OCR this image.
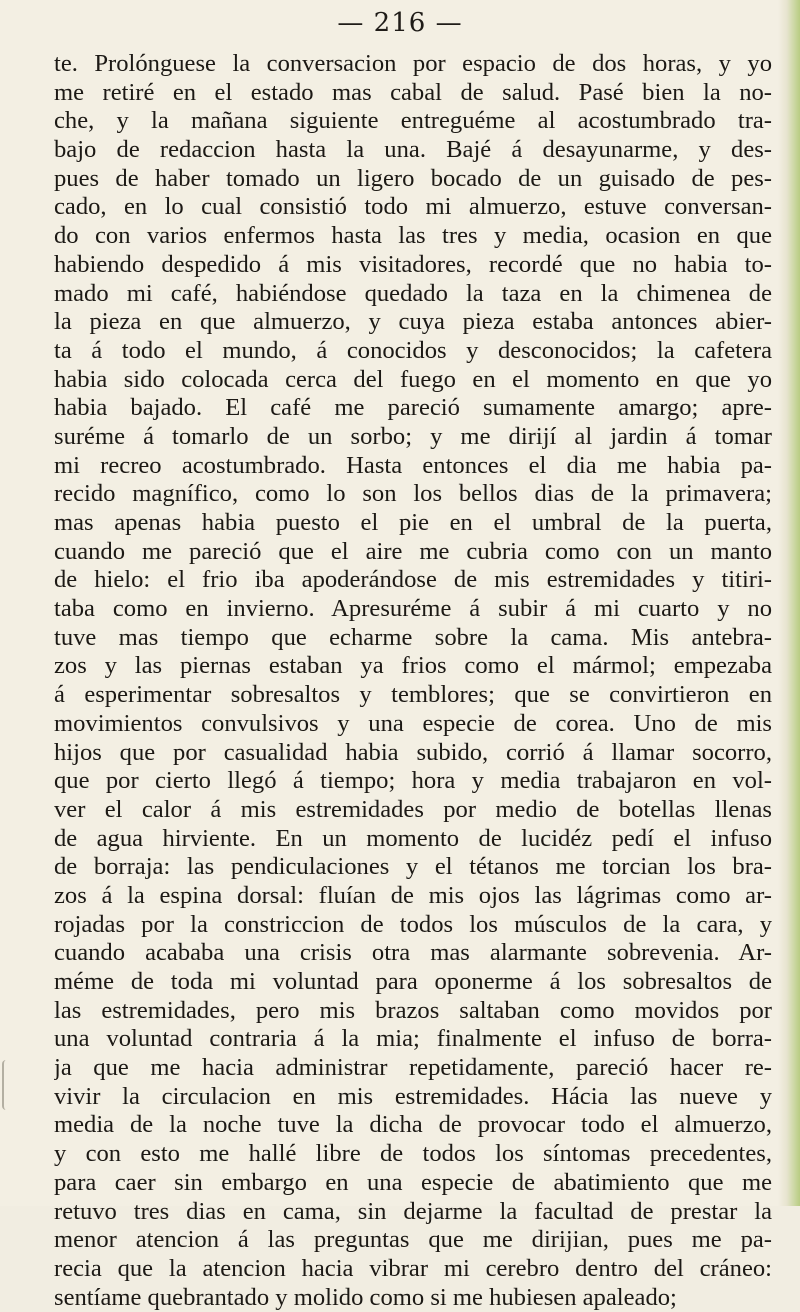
— 216 —
te. Prolónguese la conversacion por espacio de dos horas, y yo
me retiré en el estado mas cabal de salud. Pasé bien la no-
che, y la mañana siguiente entreguéme al acostumbrado tra-
bajo de redaccion hasta la una. Bajé á desayunarme, y des-
pues de haber tomado un ligero bocado de un guisado de pes-
cado, en lo cual consistió todo mi almuerzo, estuve conversan-
do con varios enfermos hasta las tres y media, ocasion en que
habiendo despedido á mis visitadores, recordé que no habia to-
mado mi café, habiéndose quedado la taza en la chimenea de
la pieza en que almuerzo, y cuya pieza estaba antonces abier-
ta á todo el mundo, á conocidos y desconocidos; la cafetera
habia sido colocada cerca del fuego en el momento en que yo
habia bajado. El café me pareció sumamente amargo; apre-
suréme á tomarlo de un sorbo; y me dirijí al jardin á tomar
mi recreo acostumbrado. Hasta entonces el dia me habia pa-
recido magnífico, como lo son los bellos dias de la primavera;
mas apenas habia puesto el pie en el umbral de la puerta,
cuando me pareció que el aire me cubria como con un manto
de hielo: el frio iba apoderándose de mis estremidades y titiri-
taba como en invierno. Apresuréme á subir á mi cuarto y no
tuve mas tiempo que echarme sobre la cama. Mis antebra-
zos y las piernas estaban ya frios como el mármol; empezaba
á esperimentar sobresaltos y temblores; que se convirtieron en
movimientos convulsivos y una especie de corea. Uno de mis
hijos que por casualidad habia subido, corrió á llamar socorro,
que por cierto llegó á tiempo; hora y media trabajaron en vol-
ver el calor á mis estremidades por medio de botellas llenas
de agua hirviente. En un momento de lucidéz pedí el infuso
de borraja: las pendiculaciones y el tétanos me torcian los bra-
zos á la espina dorsal: fluían de mis ojos las lágrimas como ar-
rojadas por la constriccion de todos los músculos de la cara, y
cuando acababa una crisis otra mas alarmante sobrevenia. Ar-
méme de toda mi voluntad para oponerme á los sobresaltos de
las estremidades, pero mis brazos saltaban como movidos por
una voluntad contraria á la mia; finalmente el infuso de borra-
ja que me hacia administrar repetidamente, pareció hacer re-
vivir la circulacion en mis estremidades. Hácia las nueve y
media de la noche tuve la dicha de provocar todo el almuerzo,
y con esto me hallé libre de todos los síntomas precedentes,
para caer sin embargo en una especie de abatimiento que me
retuvo tres dias en cama, sin dejarme la facultad de prestar la
menor atencion á las preguntas que me dirijian, pues me pa-
recia que la atencion hacia vibrar mi cerebro dentro del cráneo:
sentíame quebrantado y molido como si me hubiesen apaleado;
